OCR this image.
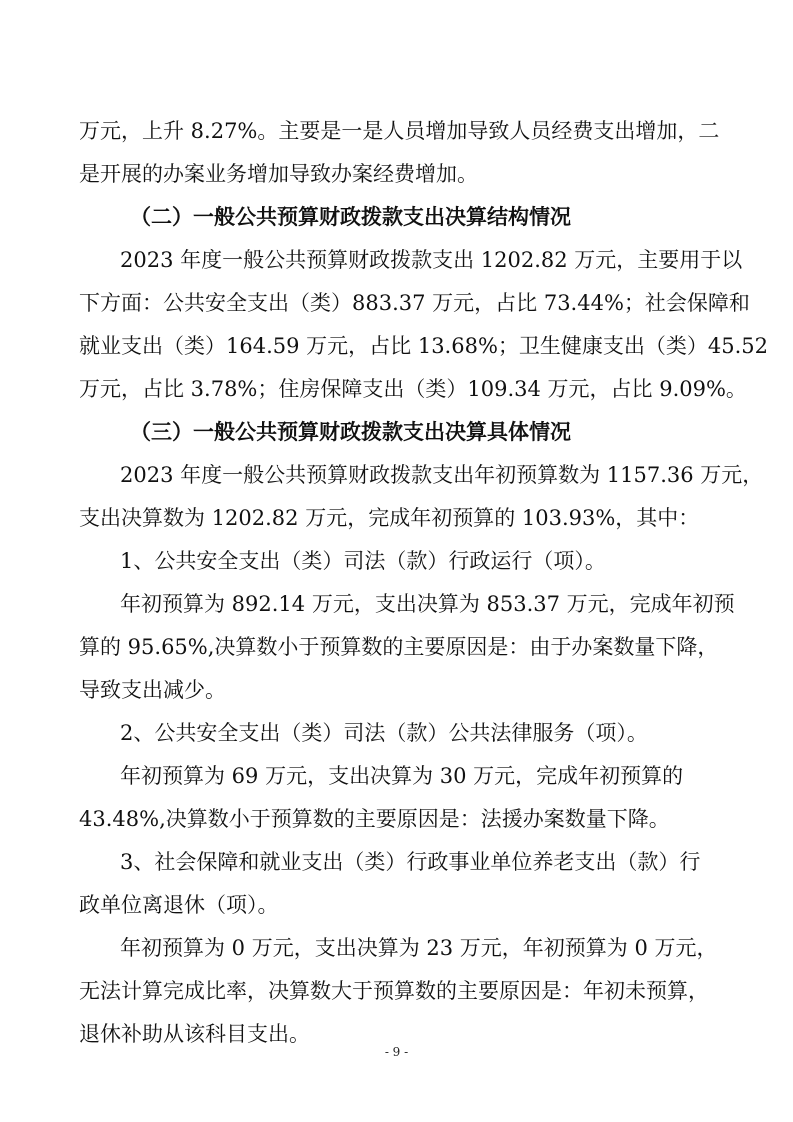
万元，上升 8.27%。主要是一是人员增加导致人员经费支出增加，二
是开展的办案业务增加导致办案经费增加。
（二）一般公共预算财政拨款支出决算结构情况
2023 年度一般公共预算财政拨款支出 1202.82 万元，主要用于以
下方面：公共安全支出（类）883.37 万元，占比 73.44%；社会保障和
就业支出（类）164.59 万元，占比 13.68%；卫生健康支出（类）45.52
万元，占比 3.78%；住房保障支出（类）109.34 万元，占比 9.09%。
（三）一般公共预算财政拨款支出决算具体情况
2023 年度一般公共预算财政拨款支出年初预算数为 1157.36 万元，
支出决算数为 1202.82 万元，完成年初预算的 103.93%，其中：
1、公共安全支出（类）司法（款）行政运行（项）。
年初预算为 892.14 万元，支出决算为 853.37 万元，完成年初预
算的 95.65%,决算数小于预算数的主要原因是：由于办案数量下降，
导致支出减少。
2、公共安全支出（类）司法（款）公共法律服务（项）。
年初预算为 69 万元，支出决算为 30 万元，完成年初预算的
43.48%,决算数小于预算数的主要原因是：法援办案数量下降。
3、社会保障和就业支出（类）行政事业单位养老支出（款）行
政单位离退休（项）。
年初预算为 0 万元，支出决算为 23 万元，年初预算为 0 万元，
无法计算完成比率，决算数大于预算数的主要原因是：年初未预算，
退休补助从该科目支出。
- 9 -
